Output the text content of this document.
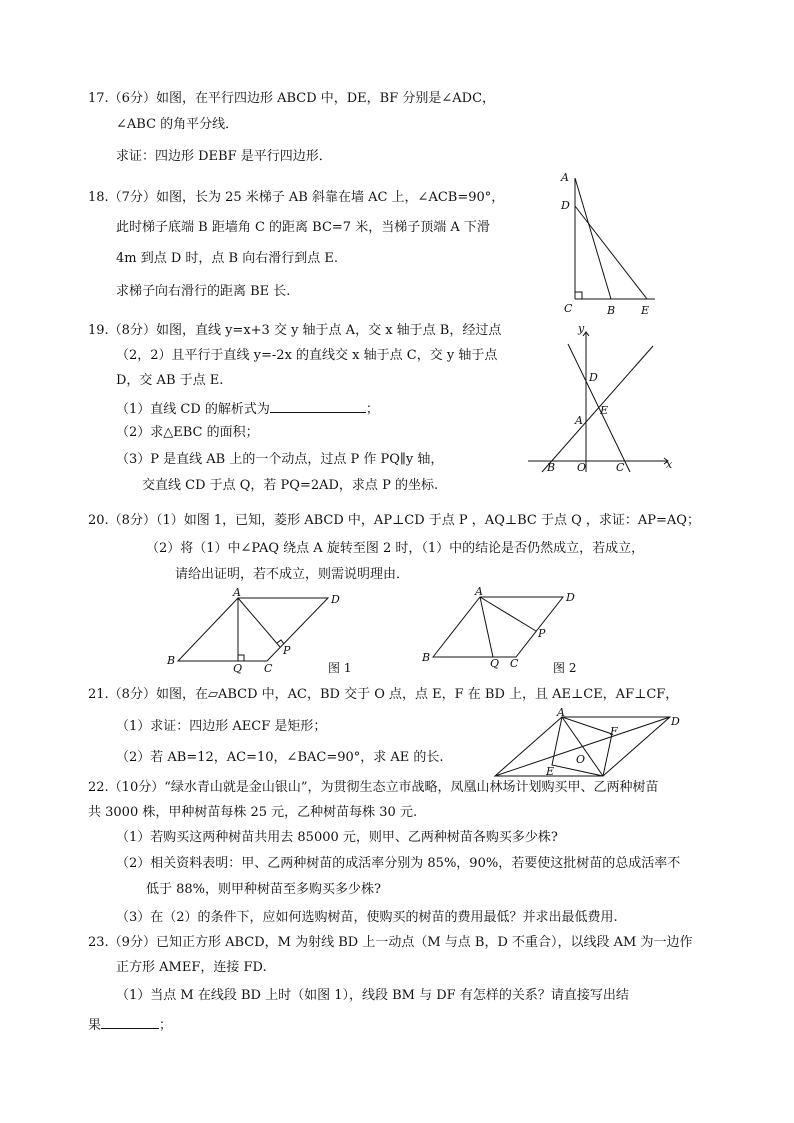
17.（6分）如图，在平行四边形 ABCD 中，DE，BF 分别是∠ADC，
∠ABC 的角平分线．
求证：四边形 DEBF 是平行四边形．
18.（7分）如图，长为 25 米梯子 AB 斜靠在墙 AC 上，∠ACB=90°，
此时梯子底端 B 距墙角 C 的距离 BC=7 米，当梯子顶端 A 下滑
4m 到点 D 时，点 B 向右滑行到点 E.
求梯子向右滑行的距离 BE 长.
A
D
C	B E
19.（8分）如图，直线 y=x+3 交 y 轴于点 A，交 x 轴于点 B，经过点
（2，2）且平行于直线 y=-2x 的直线交 x 轴于点 C，交 y 轴于点
D，交 AB 于点 E.
（1）直线 CD 的解析式为	；
（2）求△EBC 的面积；
（3）P 是直线 AB 上的一个动点，过点 P 作 PQ∥y 轴，
交直线 CD 于点 Q，若 PQ=2AD，求点 P 的坐标.
y
x
D
E
A
B O	C
20.（8分）（1）如图 1，已知，菱形 ABCD 中，AP⊥CD 于点 P ，AQ⊥BC 于点 Q ，求证：AP=AQ；
（2）将（1）中∠PAQ 绕点 A 旋转至图 2 时，（1）中的结论是否仍然成立，若成立，
请给出证明，若不成立，则需说明理由．
A
D
B
Q C
P
图 1
A	D
B	Q C
P
图 2
21.（8分）如图，在▱ABCD 中，AC，BD 交于 O 点，点 E，F 在 BD 上，且 AE⊥CE，AF⊥CF，
（1）求证：四边形 AECF 是矩形；
（2）若 AB=12，AC=10，∠BAC=90°，求 AE 的长.
A
D
F
O
E
22.（10分）“绿水青山就是金山银山”，为贯彻生态立市战略，凤凰山林场计划购买甲、乙两种树苗
共 3000 株，甲种树苗每株 25 元，乙种树苗每株 30 元.
（1）若购买这两种树苗共用去 85000 元，则甲、乙两种树苗各购买多少株?
（2）相关资料表明：甲、乙两种树苗的成活率分别为 85%，90%，若要使这批树苗的总成活率不
低于 88%，则甲种树苗至多购买多少株?
（3）在（2）的条件下，应如何选购树苗，使购买的树苗的费用最低？并求出最低费用.
23.（9分）已知正方形 ABCD，M 为射线 BD 上一动点（M 与点 B，D 不重合），以线段 AM 为一边作
正方形 AMEF，连接 FD.
（1）当点 M 在线段 BD 上时（如图 1），线段 BM 与 DF 有怎样的关系？请直接写出结
果	；
